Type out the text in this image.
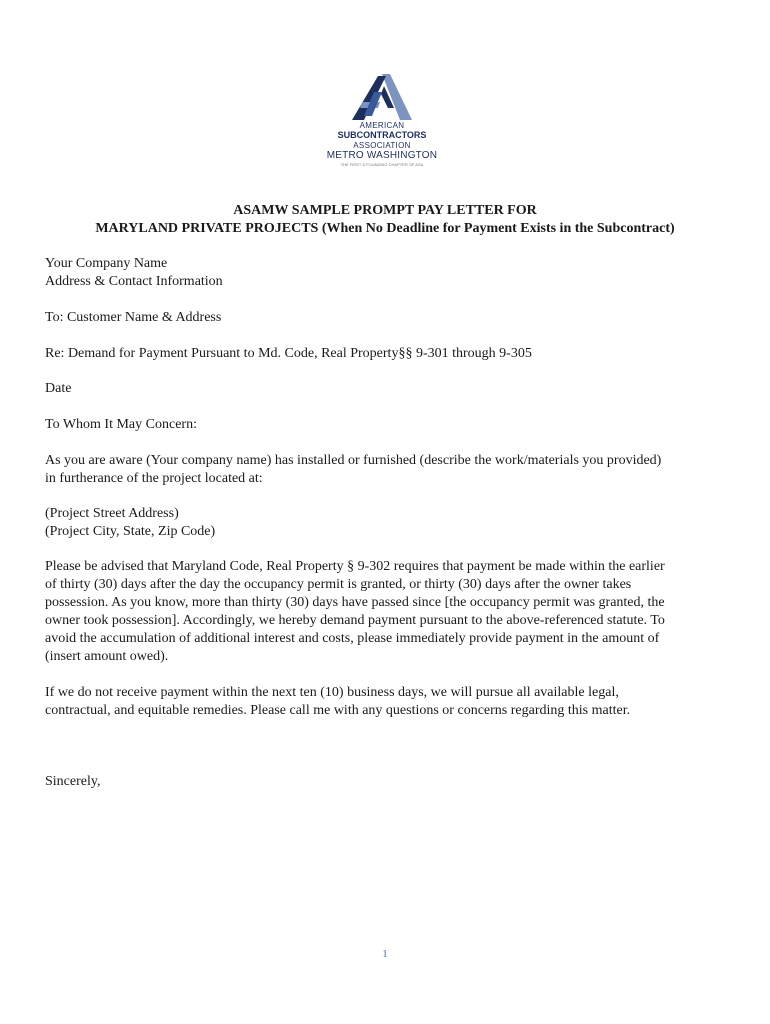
AMERICAN
SUBCONTRACTORS
ASSOCIATION
METRO WASHINGTON
THE FIRST & FOUNDING CHAPTER OF ASA
ASAMW SAMPLE PROMPT PAY LETTER FOR
MARYLAND PRIVATE PROJECTS (When No Deadline for Payment Exists in the Subcontract)

Your Company Name

Address & Contact Information

To: Customer Name & Address

Re: Demand for Payment Pursuant to Md. Code, Real Property§§ 9-301 through 9-305

Date

To Whom It May Concern:

As you are aware (Your company name) has installed or furnished (describe the work/materials you provided)

in furtherance of the project located at:

(Project Street Address)

(Project City, State, Zip Code)

Please be advised that Maryland Code, Real Property § 9-302 requires that payment be made within the earlier

of thirty (30) days after the day the occupancy permit is granted, or thirty (30) days after the owner takes

possession. As you know, more than thirty (30) days have passed since [the occupancy permit was granted, the

owner took possession]. Accordingly, we hereby demand payment pursuant to the above-referenced statute. To

avoid the accumulation of additional interest and costs, please immediately provide payment in the amount of

(insert amount owed).

If we do not receive payment within the next ten (10) business days, we will pursue all available legal,

contractual, and equitable remedies. Please call me with any questions or concerns regarding this matter.

Sincerely,

1
